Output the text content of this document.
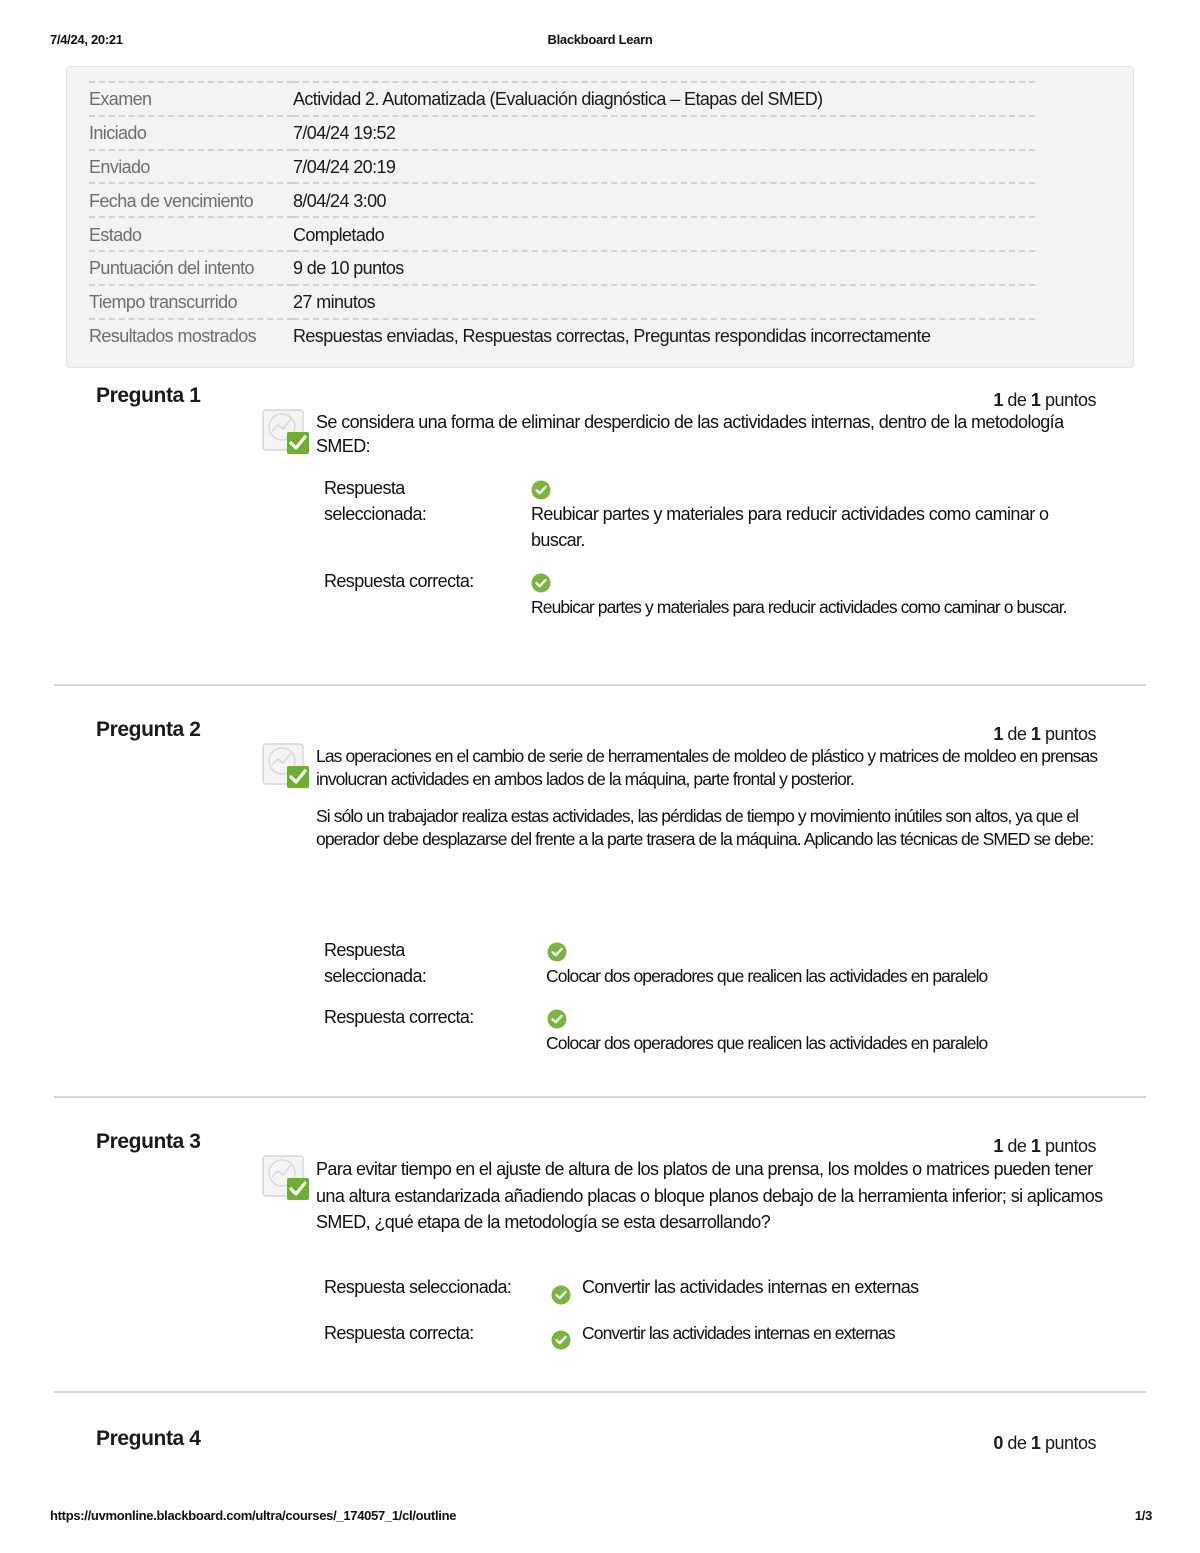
7/4/24, 20:21	Blackboard Learn
Examen	Actividad 2. Automatizada (Evaluación diagnóstica – Etapas del SMED)
Iniciado	7/04/24 19:52
Enviado	7/04/24 20:19
Fecha de vencimiento	8/04/24 3:00
Estado	Completado
Puntuación del intento	9 de 10 puntos
Tiempo transcurrido	27 minutos
Resultados mostrados	Respuestas enviadas, Respuestas correctas, Preguntas respondidas incorrectamente
Pregunta 1	1 de 1 puntos

Se considera una forma de eliminar desperdicio de las actividades internas, dentro de la metodología SMED:

Respuesta seleccionada:	Reubicar partes y materiales para reducir actividades como caminar o buscar.
Respuesta correcta:
Reubicar partes y materiales para reducir actividades como caminar o buscar.
Pregunta 2	1 de 1 puntos

Las operaciones en el cambio de serie de herramentales de moldeo de plástico y matrices de moldeo en prensas involucran actividades en ambos lados de la máquina, parte frontal y posterior.

Si sólo un trabajador realiza estas actividades, las pérdidas de tiempo y movimiento inútiles son altos, ya que el operador debe desplazarse del frente a la parte trasera de la máquina. Aplicando las técnicas de SMED se debe:

Respuesta seleccionada:	Colocar dos operadores que realicen las actividades en paralelo
Respuesta correcta:
Colocar dos operadores que realicen las actividades en paralelo
Pregunta 3	1 de 1 puntos

Para evitar tiempo en el ajuste de altura de los platos de una prensa, los moldes o matrices pueden tener una altura estandarizada añadiendo placas o bloque planos debajo de la herramienta inferior; si aplicamos SMED, ¿qué etapa de la metodología se esta desarrollando?

Respuesta seleccionada:	Convertir las actividades internas en externas
Respuesta correcta:	Convertir las actividades internas en externas
Pregunta 4	0 de 1 puntos
https://uvmonline.blackboard.com/ultra/courses/_174057_1/cl/outline	1/3
